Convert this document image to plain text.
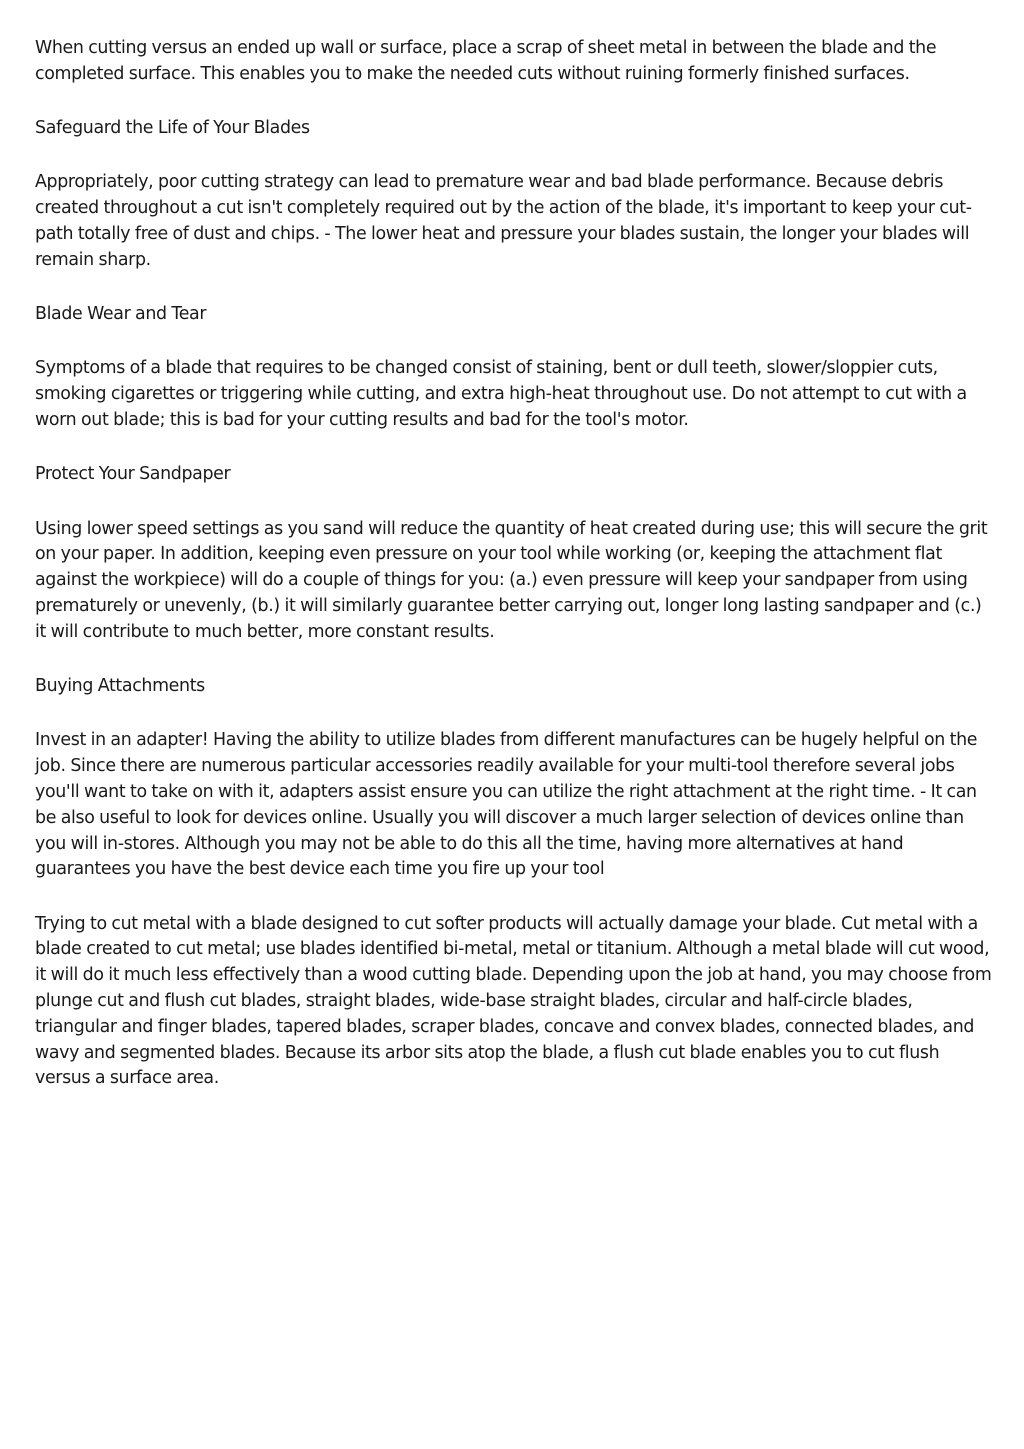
When cutting versus an ended up wall or surface, place a scrap of sheet metal in between the blade and the completed surface. This enables you to make the needed cuts without ruining formerly finished surfaces.

Safeguard the Life of Your Blades

Appropriately, poor cutting strategy can lead to premature wear and bad blade performance. Because debris created throughout a cut isn't completely required out by the action of the blade, it's important to keep your cut-path totally free of dust and chips. - The lower heat and pressure your blades sustain, the longer your blades will remain sharp.

Blade Wear and Tear

Symptoms of a blade that requires to be changed consist of staining, bent or dull teeth, slower/sloppier cuts, smoking cigarettes or triggering while cutting, and extra high-heat throughout use. Do not attempt to cut with a worn out blade; this is bad for your cutting results and bad for the tool's motor.

Protect Your Sandpaper

Using lower speed settings as you sand will reduce the quantity of heat created during use; this will secure the grit on your paper. In addition, keeping even pressure on your tool while working (or, keeping the attachment flat against the workpiece) will do a couple of things for you: (a.) even pressure will keep your sandpaper from using prematurely or unevenly, (b.) it will similarly guarantee better carrying out, longer long lasting sandpaper and (c.) it will contribute to much better, more constant results.

Buying Attachments

Invest in an adapter! Having the ability to utilize blades from different manufactures can be hugely helpful on the job. Since there are numerous particular accessories readily available for your multi-tool therefore several jobs you'll want to take on with it, adapters assist ensure you can utilize the right attachment at the right time. - It can be also useful to look for devices online. Usually you will discover a much larger selection of devices online than you will in-stores. Although you may not be able to do this all the time, having more alternatives at hand guarantees you have the best device each time you fire up your tool

Trying to cut metal with a blade designed to cut softer products will actually damage your blade. Cut metal with a blade created to cut metal; use blades identified bi-metal, metal or titanium. Although a metal blade will cut wood, it will do it much less effectively than a wood cutting blade. Depending upon the job at hand, you may choose from plunge cut and flush cut blades, straight blades, wide-base straight blades, circular and half-circle blades, triangular and finger blades, tapered blades, scraper blades, concave and convex blades, connected blades, and wavy and segmented blades. Because its arbor sits atop the blade, a flush cut blade enables you to cut flush versus a surface area.
